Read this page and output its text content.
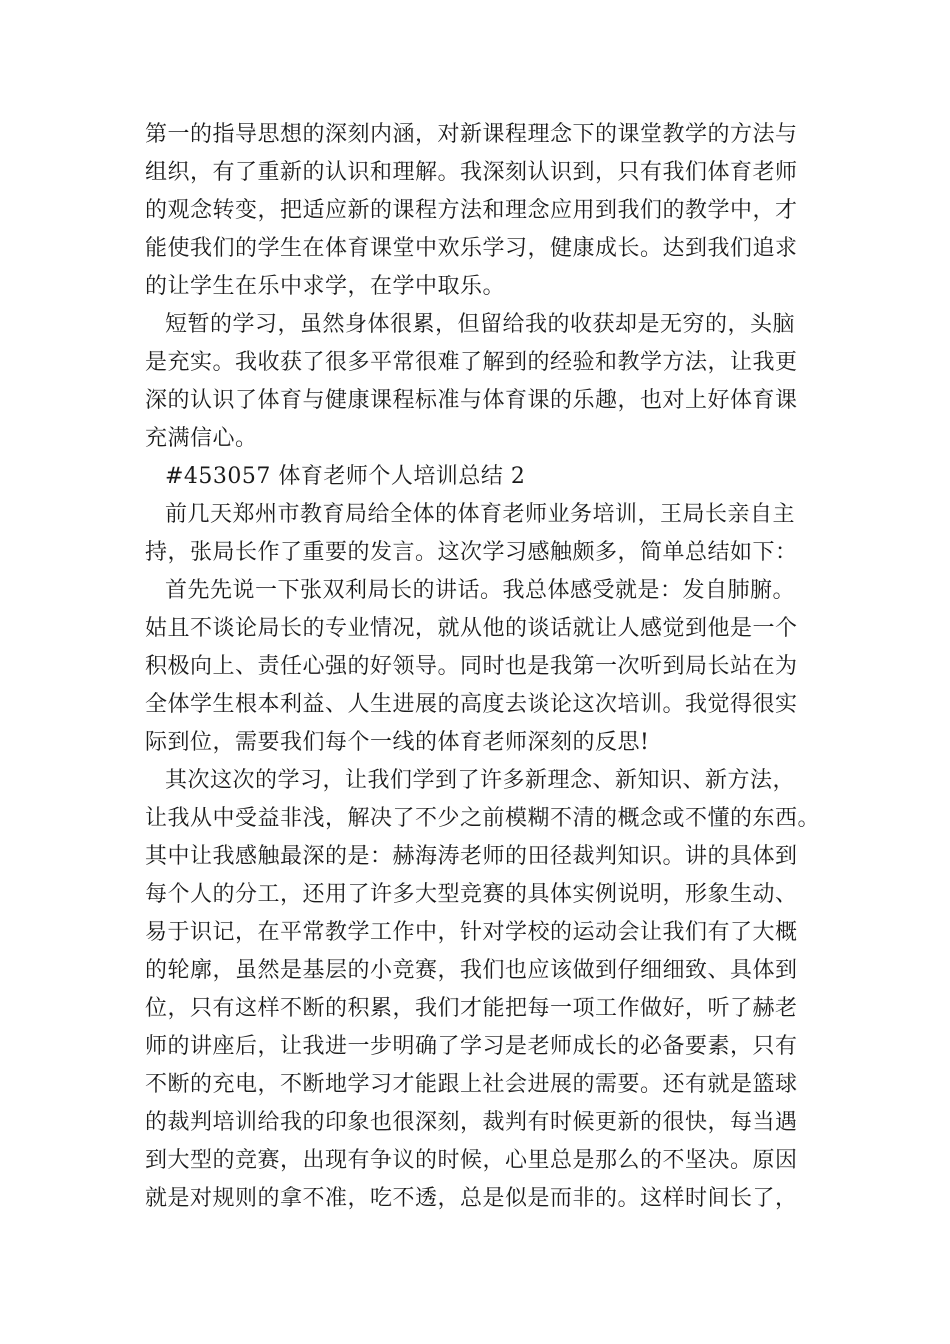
第一的指导思想的深刻内涵，对新课程理念下的课堂教学的方法与
组织，有了重新的认识和理解。我深刻认识到，只有我们体育老师
的观念转变，把适应新的课程方法和理念应用到我们的教学中，才
能使我们的学生在体育课堂中欢乐学习，健康成长。达到我们追求
的让学生在乐中求学，在学中取乐。
短暂的学习，虽然身体很累，但留给我的收获却是无穷的，头脑
是充实。我收获了很多平常很难了解到的经验和教学方法，让我更
深的认识了体育与健康课程标准与体育课的乐趣，也对上好体育课
充满信心。
#453057 体育老师个人培训总结 2
前几天郑州市教育局给全体的体育老师业务培训，王局长亲自主
持，张局长作了重要的发言。这次学习感触颇多，简单总结如下：
首先先说一下张双利局长的讲话。我总体感受就是：发自肺腑。
姑且不谈论局长的专业情况，就从他的谈话就让人感觉到他是一个
积极向上、责任心强的好领导。同时也是我第一次听到局长站在为
全体学生根本利益、人生进展的高度去谈论这次培训。我觉得很实
际到位，需要我们每个一线的体育老师深刻的反思!
其次这次的学习，让我们学到了许多新理念、新知识、新方法，
让我从中受益非浅，解决了不少之前模糊不清的概念或不懂的东西。
其中让我感触最深的是：赫海涛老师的田径裁判知识。讲的具体到
每个人的分工，还用了许多大型竞赛的具体实例说明，形象生动、
易于识记，在平常教学工作中，针对学校的运动会让我们有了大概
的轮廓，虽然是基层的小竞赛，我们也应该做到仔细细致、具体到
位，只有这样不断的积累，我们才能把每一项工作做好，听了赫老
师的讲座后，让我进一步明确了学习是老师成长的必备要素，只有
不断的充电，不断地学习才能跟上社会进展的需要。还有就是篮球
的裁判培训给我的印象也很深刻，裁判有时候更新的很快，每当遇
到大型的竞赛，出现有争议的时候，心里总是那么的不坚决。原因
就是对规则的拿不准，吃不透，总是似是而非的。这样时间长了，
